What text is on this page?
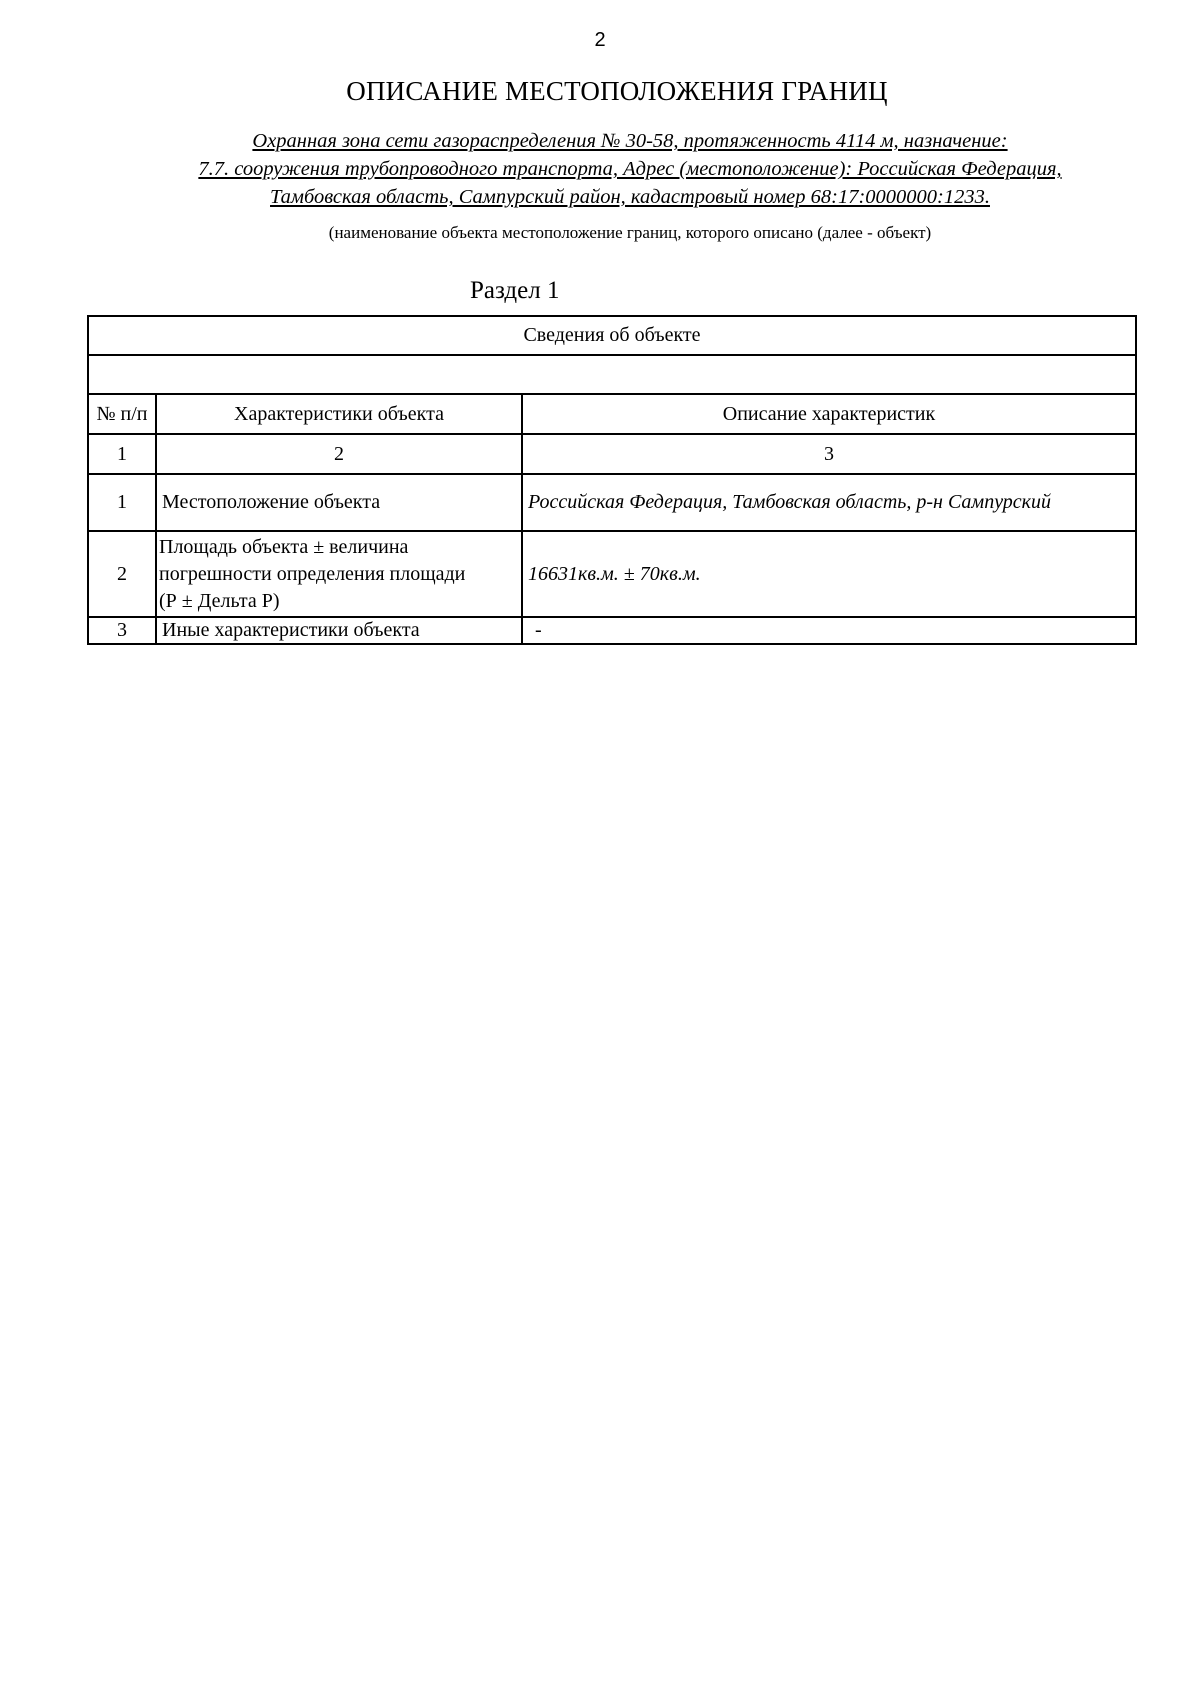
2
ОПИСАНИЕ МЕСТОПОЛОЖЕНИЯ ГРАНИЦ
Охранная зона сети газораспределения № 30-58, протяженность 4114 м, назначение:
7.7. сооружения трубопроводного транспорта, Адрес (местоположение): Российская Федерация,
Тамбовская область, Сампурский район, кадастровый номер 68:17:0000000:1233.
(наименование объекта местоположение границ, которого описано (далее - объект)
Раздел 1
Сведения об объекте		

№ п/п	Характеристики объекта	Описание характеристик
1	2	3
1	Местоположение объекта	Российская Федерация, Тамбовская область, р-н Сампурский
2	Площадь объекта ± величина
погрешности определения площади
(Р ± Дельта Р)	16631кв.м. ± 70кв.м.
3	Иные характеристики объекта	-
